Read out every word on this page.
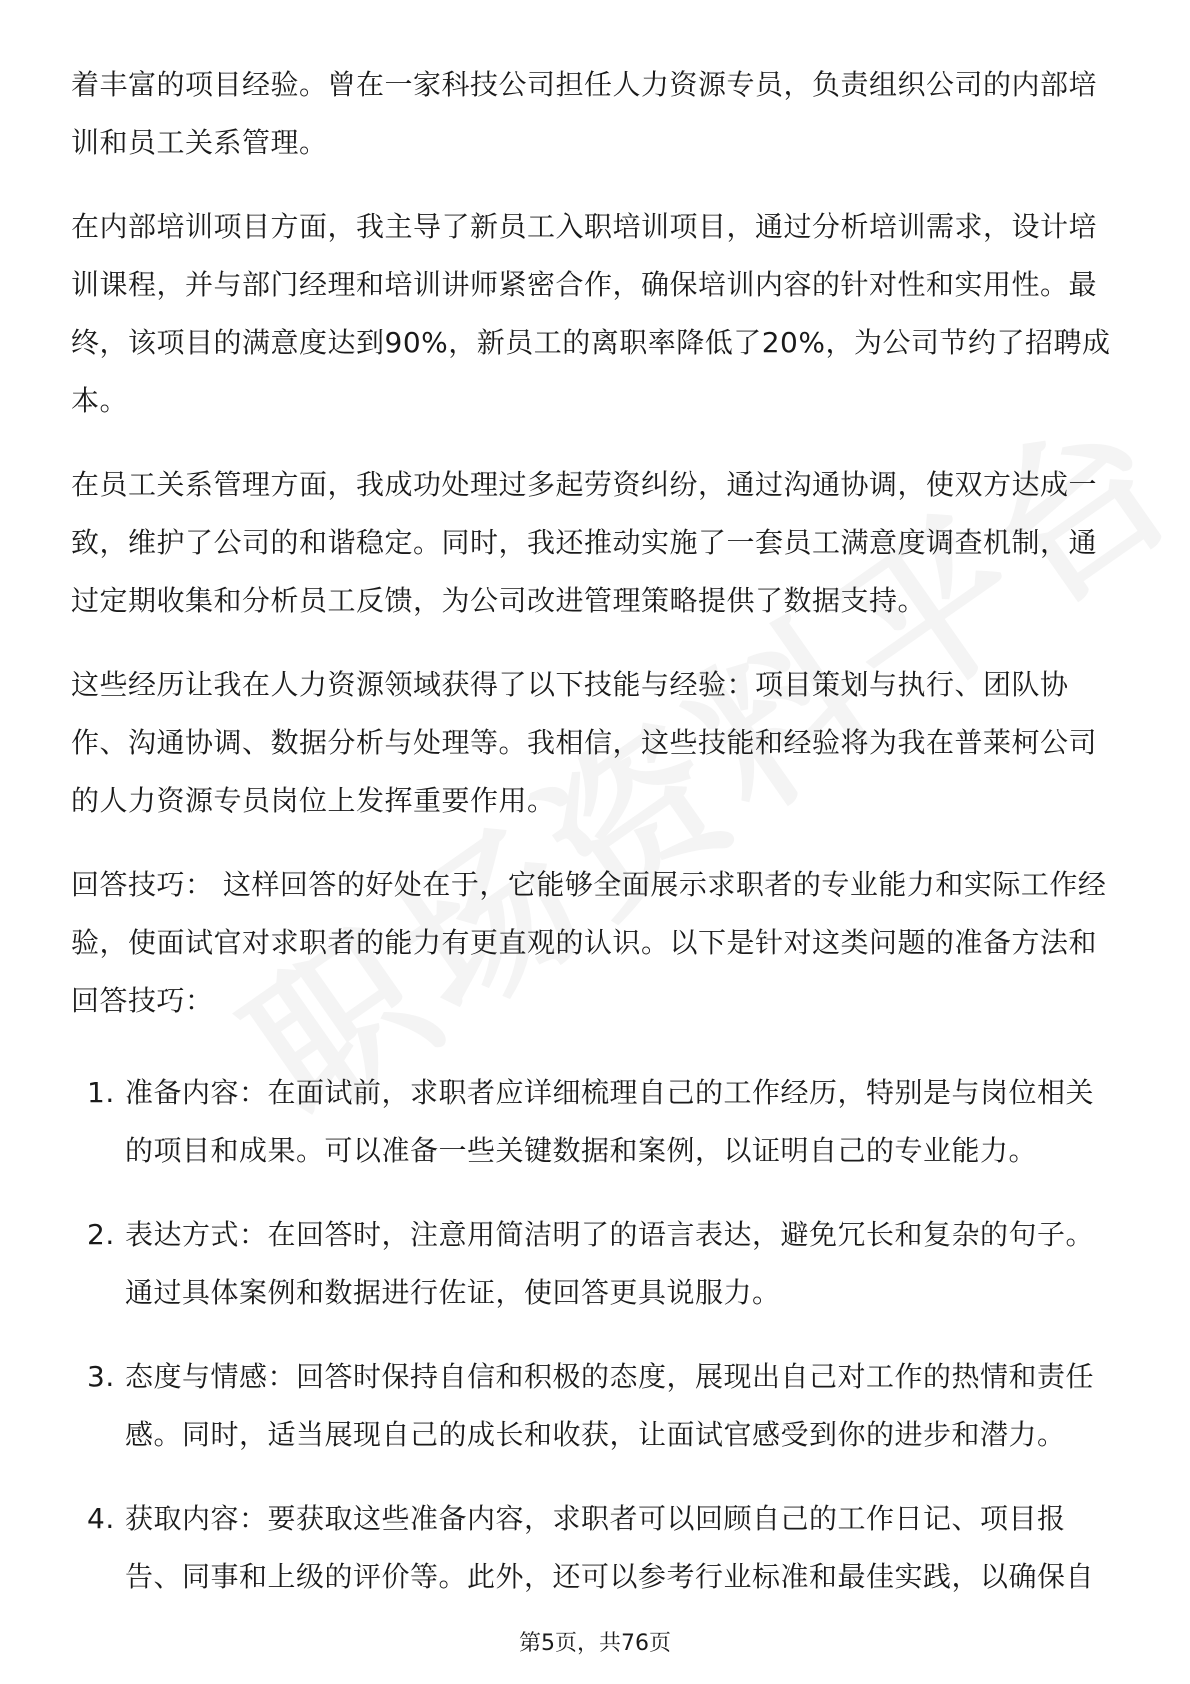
着丰富的项目经验。曾在一家科技公司担任人力资源专员，负责组织公司的内部培训和员工关系管理。

在内部培训项目方面，我主导了新员工入职培训项目，通过分析培训需求，设计培训课程，并与部门经理和培训讲师紧密合作，确保培训内容的针对性和实用性。最终，该项目的满意度达到90%，新员工的离职率降低了20%，为公司节约了招聘成本。

在员工关系管理方面，我成功处理过多起劳资纠纷，通过沟通协调，使双方达成一致，维护了公司的和谐稳定。同时，我还推动实施了一套员工满意度调查机制，通过定期收集和分析员工反馈，为公司改进管理策略提供了数据支持。

这些经历让我在人力资源领域获得了以下技能与经验：项目策划与执行、团队协作、沟通协调、数据分析与处理等。我相信，这些技能和经验将为我在普莱柯公司的人力资源专员岗位上发挥重要作用。

回答技巧： 这样回答的好处在于，它能够全面展示求职者的专业能力和实际工作经验，使面试官对求职者的能力有更直观的认识。以下是针对这类问题的准备方法和回答技巧：

1. 准备内容：在面试前，求职者应详细梳理自己的工作经历，特别是与岗位相关的项目和成果。可以准备一些关键数据和案例，以证明自己的专业能力。
2. 表达方式：在回答时，注意用简洁明了的语言表达，避免冗长和复杂的句子。通过具体案例和数据进行佐证，使回答更具说服力。
3. 态度与情感：回答时保持自信和积极的态度，展现出自己对工作的热情和责任感。同时，适当展现自己的成长和收获，让面试官感受到你的进步和潜力。
4. 获取内容：要获取这些准备内容，求职者可以回顾自己的工作日记、项目报告、同事和上级的评价等。此外，还可以参考行业标准和最佳实践，以确保自
第5页，共76页
